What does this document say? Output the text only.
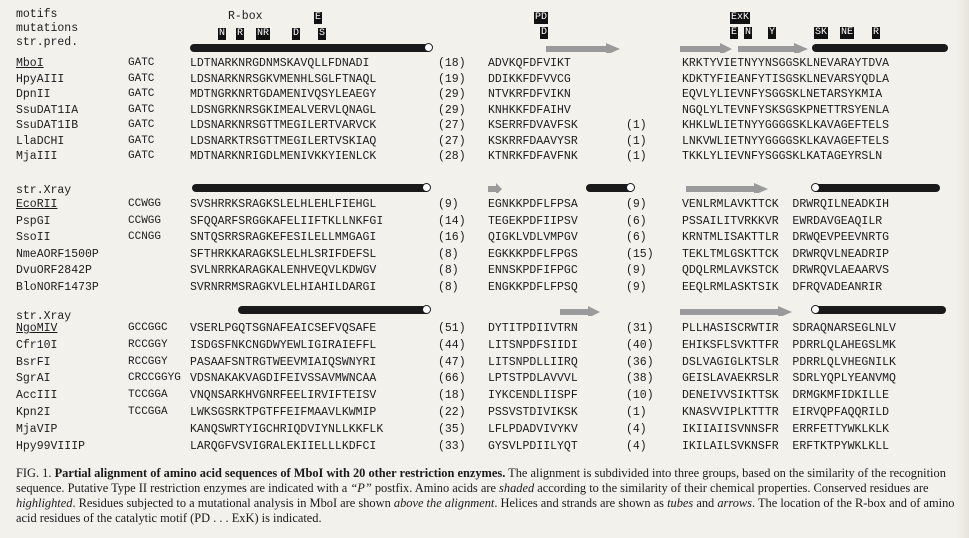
motifs
mutations
str.pred.
R-box	E
N R NR D S
PD
D
ExK
E N Y	SK NE R
MboI	GATC	LDTNARKNRGDNMSKAVQLLFDNADI	(18) ADVKQFDFVIKT	KRKTYVIETNYYNSGGSKLNEVARAYTDVA
HpyAIII	GATC	LDSNARKNRSGKVMENHLSGLFTNAQL	(19) DDIKKFDFVVCG	KDKTYFIEANFYTISGSKLNEVARSYQDLA
DpnII	GATC	MDTNGRKNRTGDAMENIVQSYLEAEGY	(29) NTVKRFDFVIKN	EQVLYLIEVNFYSGGSKLNETARSYKMIA
SsuDAT1IA	GATC	LDSNGRKNRSGKIMEALVERVLQNAGL	(29) KNHKKFDFAIHV	NGQLYLTEVNFYSKSGSKPNETTRSYENLA
SsuDAT1IB	GATC	LDSNARKNRSGTTMEGILERTVARVCK	(27) KSERRFDVAVFSK	(1)	KHKLWLIETNYYGGGGSKLKAVAGEFTELS
LlaDCHI	GATC	LDSNARKTRSGTTMEGILERTVSKIAQ	(27) KSKRRFDAAVYSR	(1)	LNKVWLIETNYYGGGGSKLKAVAGEFTELS
MjaIII	GATC	MDTNARKNRIGDLMENIVKKYIENLCK	(28) KTNRKFDFAVFNK	(1)	TKKLYLIEVNFYSGGSKLKATAGEYRSLN
str.Xray
EcoRII	CCWGG	SVSHRRKSRAGKSLELHLEHLFIEHGL	(9)	EGNKKPDFLFPSA	(9)	VENLRMLAVKTTCK  DRWRQILNEADKIH
PspGI	CCWGG	SFQQARFSRGGKAFELIIFTKLLNKFGI	(14) TEGEKPDFIIPSV	(6)	PSSAILITVRKKVR  EWRDAVGEAQILR
SsoII	CCNGG	SNTQSRRSRAGKEFESILELLMMGAGI	(16) QIGKLVDLVMPGV	(6)	KRNTMLISAKTTLR  DRWQEVPEEVNRTG
NmeAORF1500P	SFTHRKKARAGKSLELHLSRIFDEFSL	(8)	EGKKKPDFLFPGS	(15) TEKLTMLGSKTTCK  DRWRQVLNEADRIP
DvuORF2842P	SVLNRRKARAGKALENHVEQVLKDWGV	(8)	ENNSKPDFIFPGC	(9)	QDQLRMLAVKSTCK  DRWRQVLAEAARVS
BloNORF1473P	SVRNRRMSRAGKVLELHIAHILDARGI	(8)	ENGKKPDFLFPSQ	(9)	EEQLRMLASKTSIK  DFRQVADEANRIR
str.Xray
NgoMIV	GCCGGC VSERLPGQTSGNAFEAICSEFVQSAFE	(51) DYTITPDIIVTRN	(31) PLLHASISCRWTIR  SDRAQNARSEGLNLV
Cfr10I	RCCGGY ISDGSFNKCNGDWYEWLIGIRAIEFFL	(44) LITSNPDFSIIDI	(40) EHIKSFLSVKTTFR  PDRRLQLAHEGSLMK
BsrFI	RCCGGY PASAAFSNTRGTWEEVMIAIQSWNYRI	(47) LITSNPDLLIIRQ	(36) DSLVAGIGLKTSLR  PDRRLQLVHEGNILK
SgrAI	CRCCGGYG VDSNAKAKVAGDIFEIVSSAVMWNCAA	(66) LPTSTPDLAVVVL	(38) GEISLAVAEKRSLR  SDRLYQPLYEANVMQ
AccIII	TCCGGA VNQNSARKHVGNRFEELIRVIFTEISV	(18) IYKCENDLIISPF	(10) DENEIVVSIKTTSK  DRMGKMFIDKILLE
Kpn2I	TCCGGA LWKSGSRKTPGTFFEIFMAAVLKWMIP	(22) PSSVSTDIVIKSK	(1)	KNASVVIPLKTTTR  EIRVQPFAQQRILD
MjaVIP	KANQSWRTYIGCHRIQDVIYNLLKKFLK	(35) LFLPDADVIVYKV	(4)	IKIIAIISVNNSFR  ERRFETTYWKLKLK
Hpy99VIIIP	LARQGFVSVIGRALEKIIELLLKDFCI	(33) GYSVLPDIILYQT	(4)	IKILAILSVKNSFR  ERFTKTPYWKLKLL
FIG. 1. Partial alignment of amino acid sequences of MboI with 20 other restriction enzymes. The alignment is subdivided into three groups, based on the similarity of the recognition sequence. Putative Type II restriction enzymes are indicated with a “P” postfix. Amino acids are shaded according to the similarity of their chemical properties. Conserved residues are highlighted. Residues subjected to a mutational analysis in MboI are shown above the alignment. Helices and strands are shown as tubes and arrows. The location of the R-box and of amino acid residues of the catalytic motif (PD . . . ExK) is indicated.
